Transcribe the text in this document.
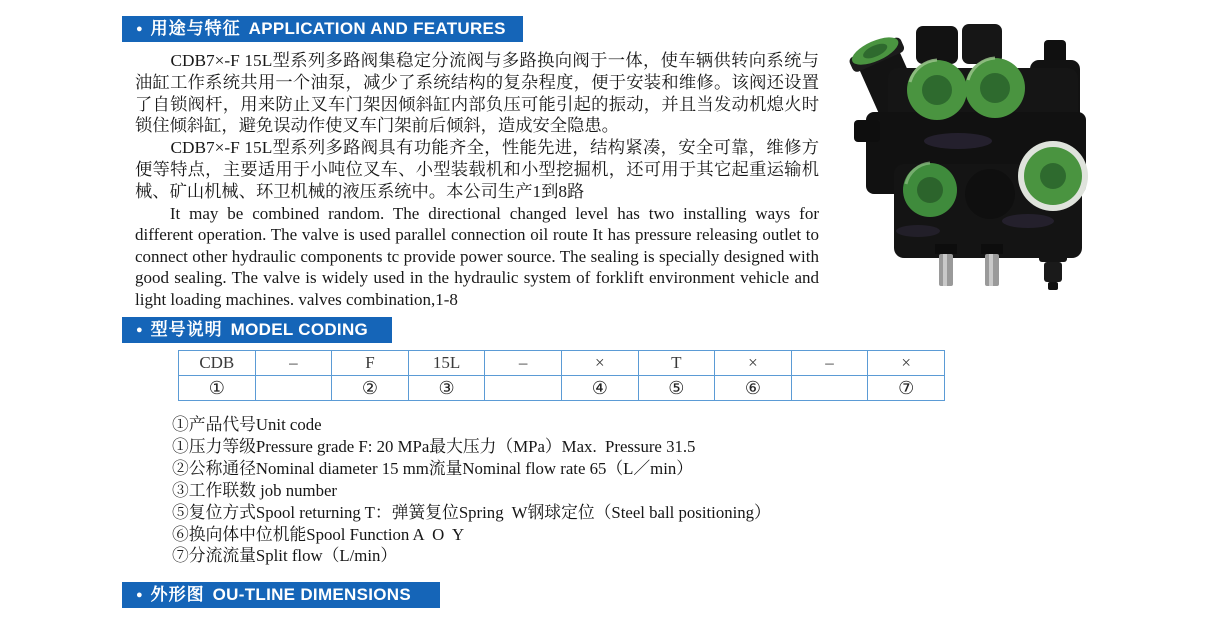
● 用途与特征 APPLICATION AND FEATURES

CDB7×-F 15L型系列多路阀集稳定分流阀与多路换向阀于一体，使车辆供转向系统与油缸工作系统共用一个油泵，减少了系统结构的复杂程度，便于安装和维修。该阀还设置了自锁阀杆，用来防止叉车门架因倾斜缸内部负压可能引起的振动，并且当发动机熄火时锁住倾斜缸，避免误动作使叉车门架前后倾斜，造成安全隐患。

CDB7×-F 15L型系列多路阀具有功能齐全，性能先进，结构紧凑，安全可靠，维修方便等特点，主要适用于小吨位叉车、小型装载机和小型挖掘机，还可用于其它起重运输机械、矿山机械、环卫机械的液压系统中。本公司生产1到8路

It may be combined random. The directional changed level has two installing ways for different operation. The valve is used parallel connection oil route It has pressure releasing outlet to connect other hydraulic components tc provide power source. The sealing is specially designed with good sealing. The valve is widely used in the hydraulic system of forklift environment vehicle and light loading machines. valves combination,1-8

● 型号说明 MODEL CODING
CDB	–	F	15L	–	×	T	×	–	×
①		②	③		④	⑤	⑥		⑦
①产品代号Unit code
①压力等级Pressure grade F: 20 MPa最大压力（MPa）Max.  Pressure 31.5
②公称通径Nominal diameter 15 mm流量Nominal flow rate 65（L／min）
③工作联数 job number
⑤复位方式Spool returning T：弹簧复位Spring  W钢球定位（Steel ball positioning）
⑥换向体中位机能Spool Function A  O  Y
⑦分流流量Split flow（L/min）
● 外形图 OU-TLINE DIMENSIONS
